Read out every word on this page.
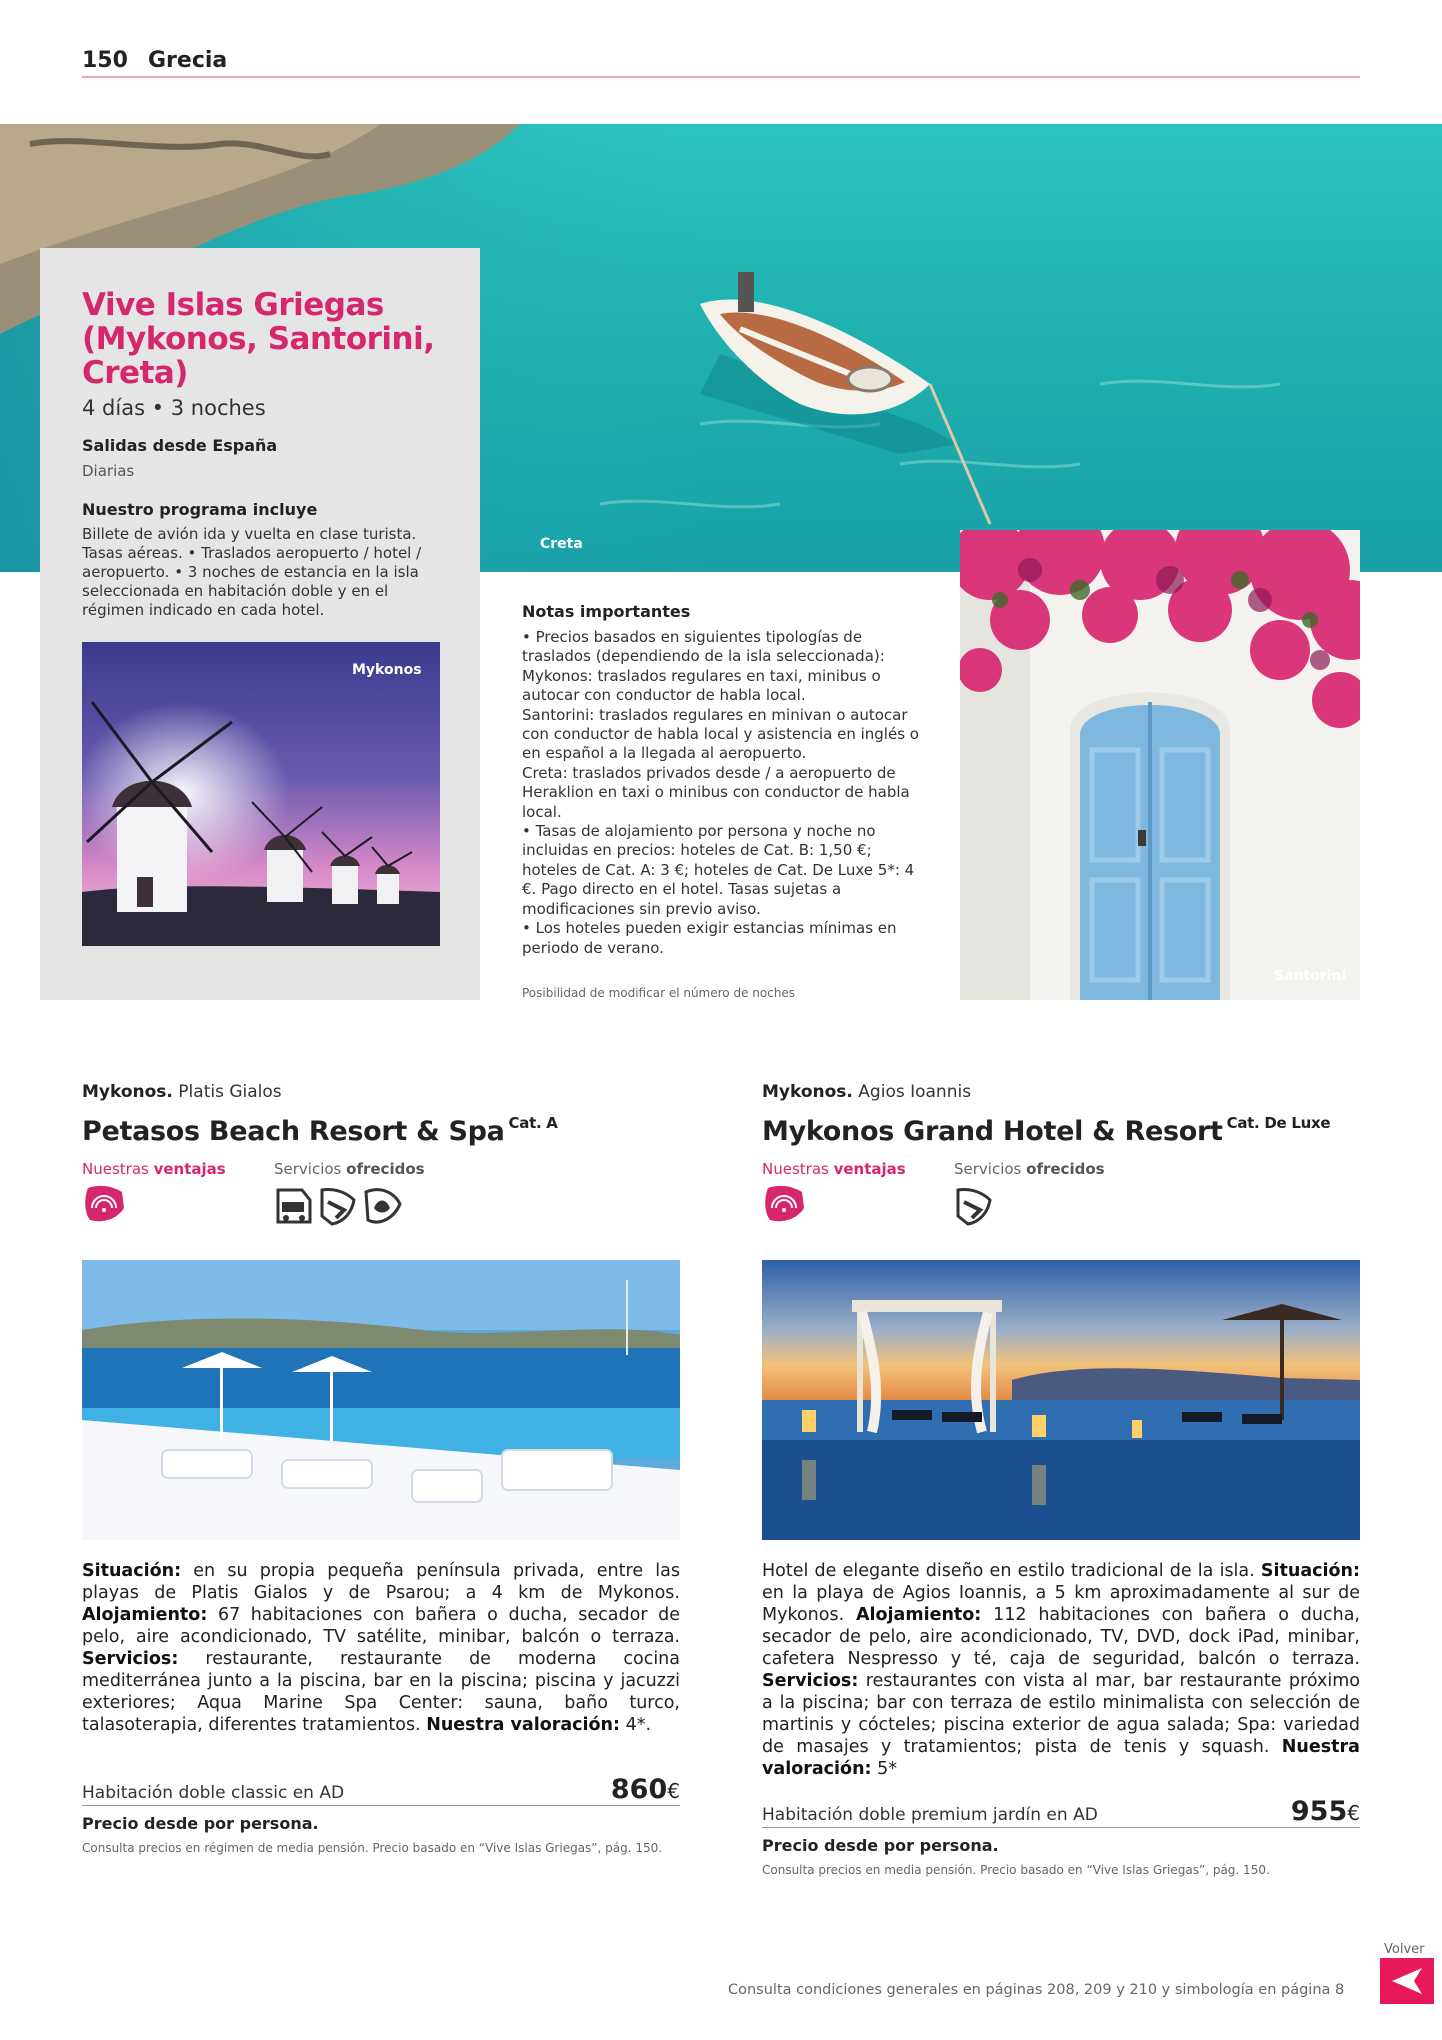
150 Grecia
Creta
Vive Islas Griegas (Mykonos, Santorini, Creta)
4 días • 3 noches
Salidas desde España
Diarias
Nuestro programa incluye
Billete de avión ida y vuelta en clase turista. Tasas aéreas. • Traslados aeropuerto / hotel / aeropuerto. • 3 noches de estancia en la isla seleccionada en habitación doble y en el régimen indicado en cada hotel.
Mykonos
Notas importantes

• Precios basados en siguientes tipologías de traslados (dependiendo de la isla seleccionada):

Mykonos: traslados regulares en taxi, minibus o autocar con conductor de habla local.

Santorini: traslados regulares en minivan o autocar con conductor de habla local y asistencia en inglés o en español a la llegada al aeropuerto.

Creta: traslados privados desde / a aeropuerto de Heraklion en taxi o minibus con conductor de habla local.

• Tasas de alojamiento por persona y noche no incluidas en precios: hoteles de Cat. B: 1,50 €; hoteles de Cat. A: 3 €; hoteles de Cat. De Luxe 5*: 4 €. Pago directo en el hotel. Tasas sujetas a modificaciones sin previo aviso.

• Los hoteles pueden exigir estancias mínimas en periodo de verano.

Posibilidad de modificar el número de noches
Santorini
Mykonos. Platis Gialos
Petasos Beach Resort & Spa $^{Cat. A}$
Nuestras ventajas	Servicios ofrecidos
Situación: en su propia pequeña península privada, entre las playas de Platis Gialos y de Psarou; a 4 km de Mykonos. Alojamiento: 67 habitaciones con bañera o ducha, secador de pelo, aire acondicionado, TV satélite, minibar, balcón o terraza. Servicios: restaurante, restaurante de moderna cocina mediterránea junto a la piscina, bar en la piscina; piscina y jacuzzi exteriores; Aqua Marine Spa Center: sauna, baño turco, talasoterapia, diferentes tratamientos. Nuestra valoración: 4*.
Habitación doble classic en AD	860€
Precio desde por persona.
Consulta precios en régimen de media pensión. Precio basado en “Vive Islas Griegas”, pág. 150.
Mykonos. Agios Ioannis
Mykonos Grand Hotel & Resort $^{Cat. De Luxe}$
Nuestras ventajas	Servicios ofrecidos
Hotel de elegante diseño en estilo tradicional de la isla. Situación: en la playa de Agios Ioannis, a 5 km aproximadamente al sur de Mykonos. Alojamiento: 112 habitaciones con bañera o ducha, secador de pelo, aire acondicionado, TV, DVD, dock iPad, minibar, cafetera Nespresso y té, caja de seguridad, balcón o terraza. Servicios: restaurantes con vista al mar, bar restaurante próximo a la piscina; bar con terraza de estilo minimalista con selección de martinis y cócteles; piscina exterior de agua salada; Spa: variedad de masajes y tratamientos; pista de tenis y squash. Nuestra valoración: 5*
Habitación doble premium jardín en AD	955€
Precio desde por persona.
Consulta precios en media pensión. Precio basado en “Vive Islas Griegas”, pág. 150.
Consulta condiciones generales en páginas 208, 209 y 210 y simbología en página 8
Volver
